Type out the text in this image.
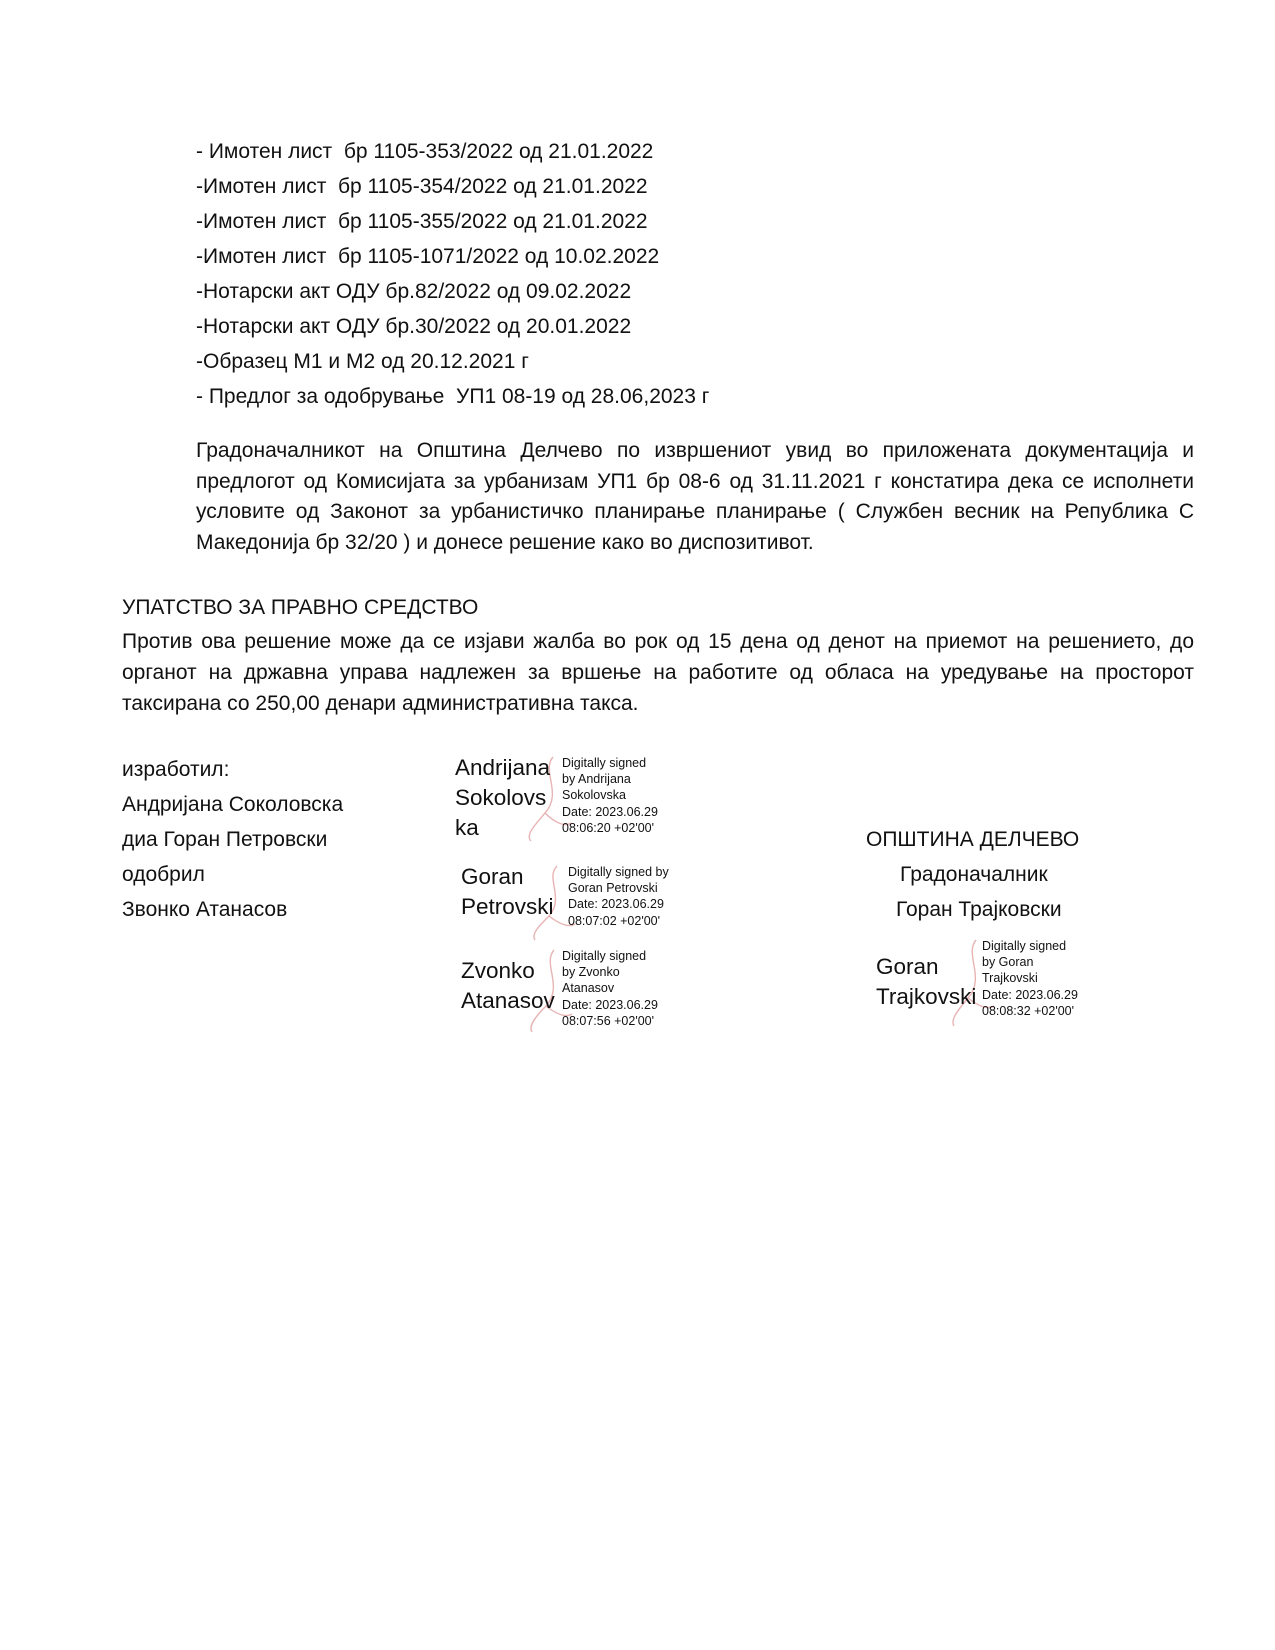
- Имотен лист  бр 1105-353/2022 од 21.01.2022
-Имотен лист  бр 1105-354/2022 од 21.01.2022
-Имотен лист  бр 1105-355/2022 од 21.01.2022
-Имотен лист  бр 1105-1071/2022 од 10.02.2022
-Нотарски акт ОДУ бр.82/2022 од 09.02.2022
-Нотарски акт ОДУ бр.30/2022 од 20.01.2022
-Образец М1 и М2 од 20.12.2021 г
- Предлог за одобрување  УП1 08-19 од 28.06,2023 г
Градоначалникот на Општина Делчево по извршениот увид во приложената документација и предлогот од Комисијата за урбанизам УП1 бр 08-6 од 31.11.2021 г констатира дека се исполнети условите од Законот за урбанистичко планирање планирање ( Службен весник на Република С Македонија бр 32/20 ) и донесе решение како во диспозитивот.
УПАТСТВО ЗА ПРАВНО СРЕДСТВО
Против ова решение може да се изјави жалба во рок од 15 дена од денот на приемот на решението, до органот на државна управа надлежен за вршење на работите од обласа на уредување на просторот таксирана со 250,00 денари административна такса.
изработил:
Андријана Соколовска
диа Горан Петровски
одобрил
Звонко Атанасов
Andrijana
Sokolovs
ka
Digitally signed
by Andrijana
Sokolovska
Date: 2023.06.29
08:06:20 +02'00'
Goran
Petrovski
Digitally signed by
Goran Petrovski
Date: 2023.06.29
08:07:02 +02'00'
Zvonko
Atanasov
Digitally signed
by Zvonko
Atanasov
Date: 2023.06.29
08:07:56 +02'00'
ОПШТИНА ДЕЛЧЕВО
Градоначалник
Горан Трајковски
Goran
Trajkovski
Digitally signed
by Goran
Trajkovski
Date: 2023.06.29
08:08:32 +02'00'
